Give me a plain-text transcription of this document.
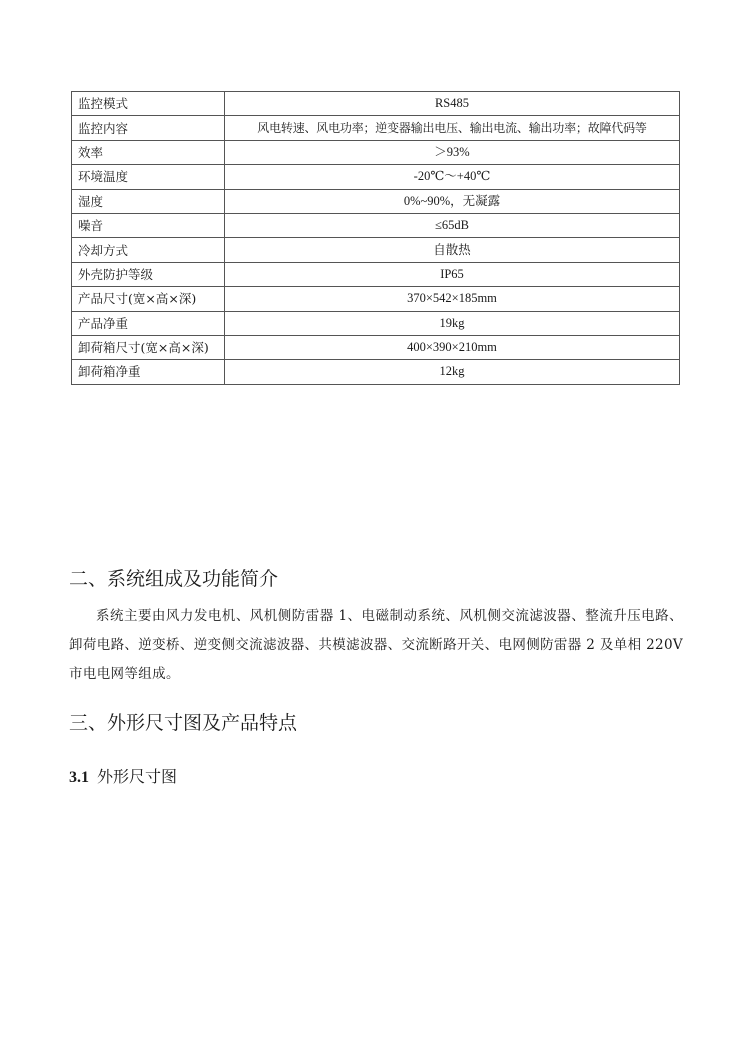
监控模式	RS485
监控内容	风电转速、风电功率；逆变器输出电压、输出电流、输出功率；故障代码等
效率	＞93%
环境温度	-20℃～+40℃
湿度	0%~90%，无凝露
噪音	≤65dB
冷却方式	自散热
外壳防护等级	IP65
产品尺寸(宽×高×深)	370×542×185mm
产品净重	19kg
卸荷箱尺寸(宽×高×深)	400×390×210mm
卸荷箱净重	12kg
二、系统组成及功能简介

系统主要由风力发电机、风机侧防雷器 1、电磁制动系统、风机侧交流滤波器、整流升压电路、卸荷电路、逆变桥、逆变侧交流滤波器、共模滤波器、交流断路开关、电网侧防雷器 2 及单相 220V 市电电网等组成。

三、外形尺寸图及产品特点
3.1 外形尺寸图
